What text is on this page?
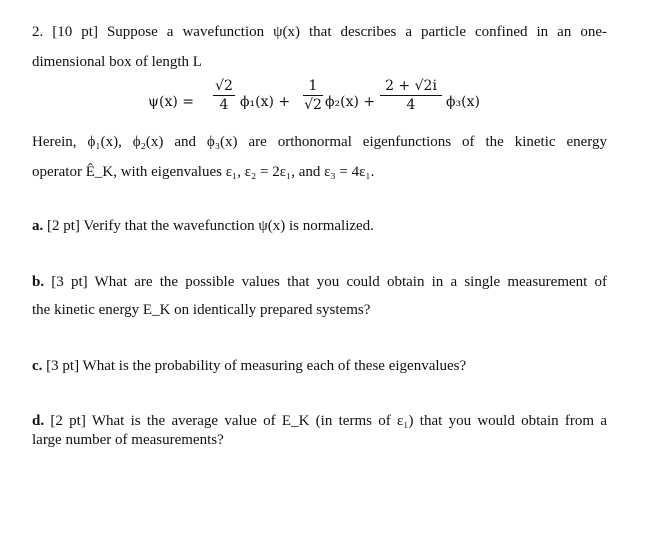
2. [10 pt] Suppose a wavefunction ψ(x) that describes a particle confined in an one-
dimensional box of length L
ψ(x) =
√2
4 ϕ₁(x) +
1
√2 ϕ₂(x) +
2 + √2i
4	ϕ₃(x)
Herein, ϕ₁(x), ϕ₂(x) and ϕ₃(x) are orthonormal eigenfunctions of the kinetic energy
operator Ê_K, with eigenvalues ε₁, ε₂ = 2ε₁, and ε₃ = 4ε₁.
a. [2 pt] Verify that the wavefunction ψ(x) is normalized.
b. [3 pt] What are the possible values that you could obtain in a single measurement of
the kinetic energy E_K on identically prepared systems?
c. [3 pt] What is the probability of measuring each of these eigenvalues?
d. [2 pt] What is the average value of E_K (in terms of ε₁) that you would obtain from a
large number of measurements?
